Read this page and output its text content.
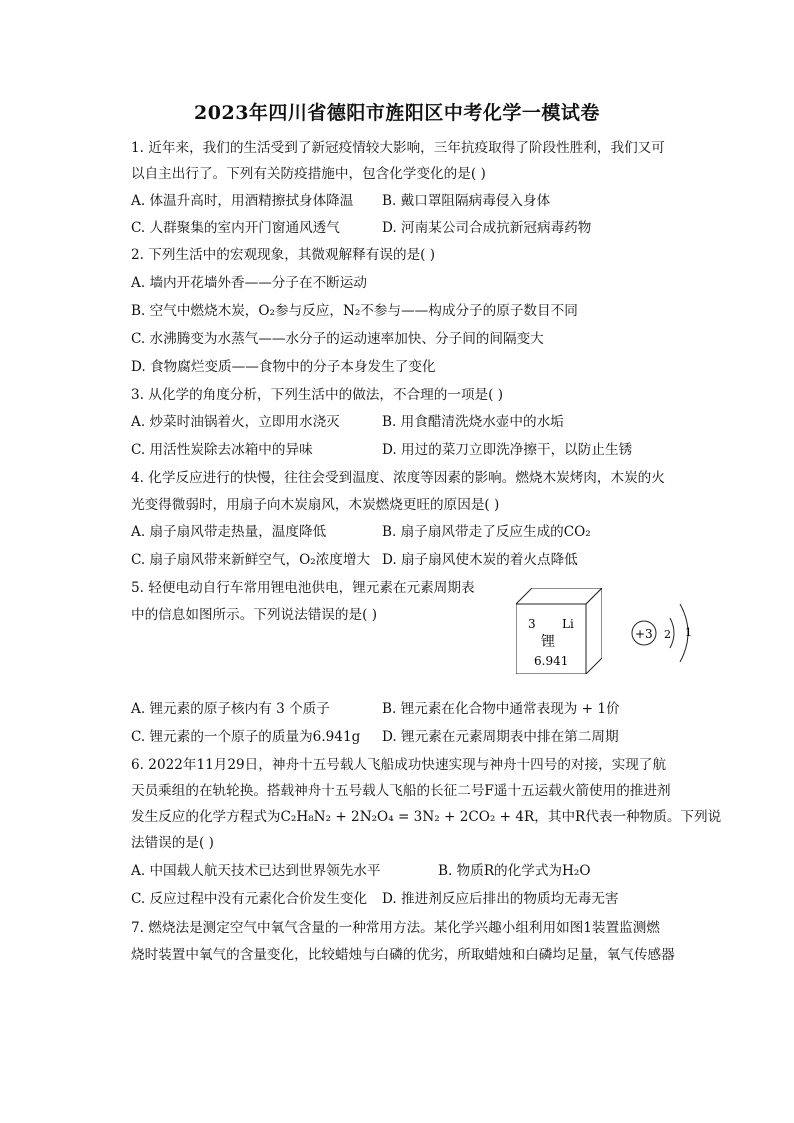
2023年四川省德阳市旌阳区中考化学一模试卷
1. 近年来，我们的生活受到了新冠疫情较大影响，三年抗疫取得了阶段性胜利，我们又可
以自主出行了。下列有关防疫措施中，包含化学变化的是( )
A. 体温升高时，用酒精擦拭身体降温 B. 戴口罩阻隔病毒侵入身体
C. 人群聚集的室内开门窗通风透气	D. 河南某公司合成抗新冠病毒药物
2. 下列生活中的宏观现象，其微观解释有误的是( )
A. 墙内开花墙外香——分子在不断运动
B. 空气中燃烧木炭，O₂参与反应，N₂不参与——构成分子的原子数目不同
C. 水沸腾变为水蒸气——水分子的运动速率加快、分子间的间隔变大
D. 食物腐烂变质——食物中的分子本身发生了变化
3. 从化学的角度分析，下列生活中的做法，不合理的一项是( )
A. 炒菜时油锅着火，立即用水浇灭	B. 用食醋清洗烧水壶中的水垢
C. 用活性炭除去冰箱中的异味	D. 用过的菜刀立即洗净擦干，以防止生锈
4. 化学反应进行的快慢，往往会受到温度、浓度等因素的影响。燃烧木炭烤肉，木炭的火
光变得微弱时，用扇子向木炭扇风，木炭燃烧更旺的原因是( )
A. 扇子扇风带走热量，温度降低	B. 扇子扇风带走了反应生成的CO₂
C. 扇子扇风带来新鲜空气，O₂浓度增大 D. 扇子扇风使木炭的着火点降低
5. 轻便电动自行车常用锂电池供电，锂元素在元素周期表
中的信息如图所示。下列说法错误的是( )
3 Li
锂
6.941
+3 2 1
A. 锂元素的原子核内有 3 个质子	B. 锂元素在化合物中通常表现为 + 1价
C. 锂元素的一个原子的质量为6.941g D. 锂元素在元素周期表中排在第二周期
6. 2022年11月29日，神舟十五号载人飞船成功快速实现与神舟十四号的对接，实现了航
天员乘组的在轨轮换。搭载神舟十五号载人飞船的长征二号F遥十五运载火箭使用的推进剂
发生反应的化学方程式为C₂H₈N₂ + 2N₂O₄ = 3N₂ + 2CO₂ + 4R，其中R代表一种物质。下列说
法错误的是( )
A. 中国载人航天技术已达到世界领先水平	B. 物质R的化学式为H₂O
C. 反应过程中没有元素化合价发生变化 D. 推进剂反应后排出的物质均无毒无害
7. 燃烧法是测定空气中氧气含量的一种常用方法。某化学兴趣小组利用如图1装置监测燃
烧时装置中氧气的含量变化，比较蜡烛与白磷的优劣，所取蜡烛和白磷均足量，氧气传感器
